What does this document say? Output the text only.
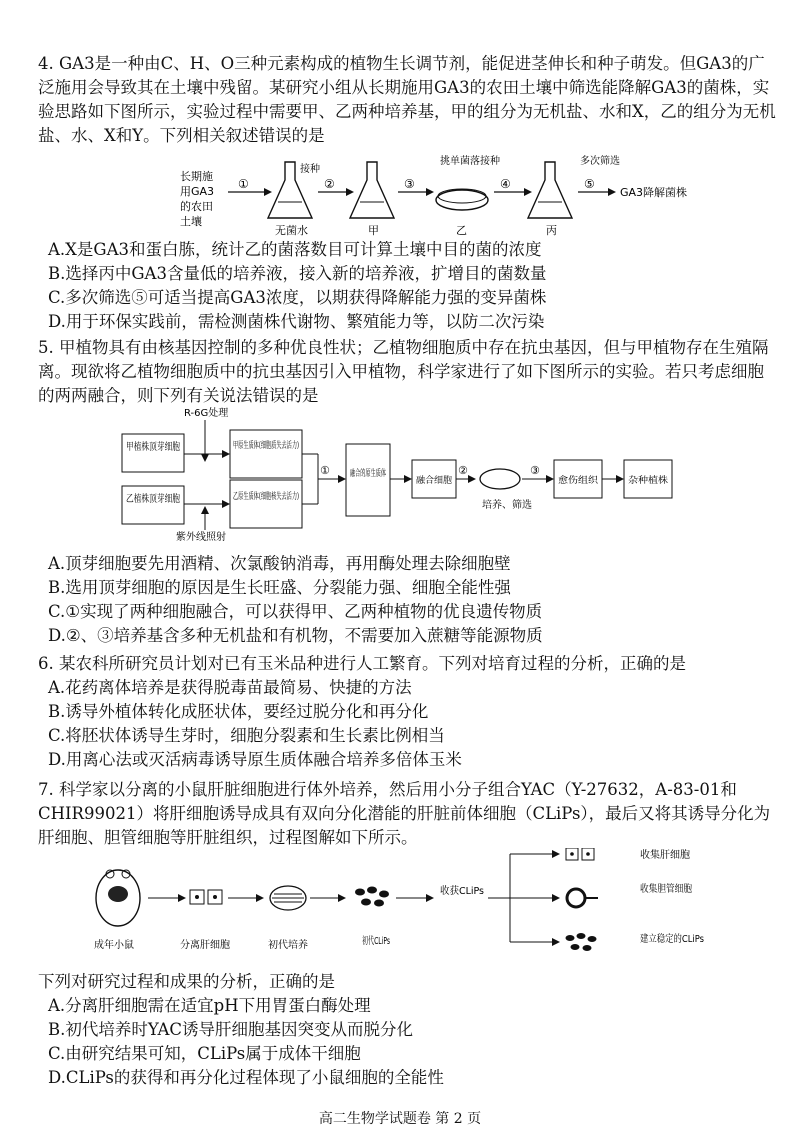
4. GA3是一种由C、H、O三种元素构成的植物生长调节剂，能促进茎伸长和种子萌发。但GA3的广泛施用会导致其在土壤中残留。某研究小组从长期施用GA3的农田土壤中筛选能降解GA3的菌株，实验思路如下图所示，实验过程中需要甲、乙两种培养基，甲的组分为无机盐、水和X，乙的组分为无机盐、水、X和Y。下列相关叙述错误的是

长期施
用GA3
的农田
土壤
①
无菌水
接种
②
甲
③
乙
挑单菌落接种
④
丙
多次筛选
⑤
GA3降解菌株

A.X是GA3和蛋白胨，统计乙的菌落数目可计算土壤中目的菌的浓度

B.选择丙中GA3含量低的培养液，接入新的培养液，扩增目的菌数量

C.多次筛选⑤可适当提高GA3浓度，以期获得降解能力强的变异菌株

D.用于环保实践前，需检测菌株代谢物、繁殖能力等，以防二次污染

5. 甲植物具有由核基因控制的多种优良性状；乙植物细胞质中存在抗虫基因，但与甲植物存在生殖隔离。现欲将乙植物细胞质中的抗虫基因引入甲植物，科学家进行了如下图所示的实验。若只考虑细胞的两两融合，则下列有关说法错误的是

R-6G处理
甲植株顶芽细胞	甲原生质体(细胞质失去活力)
乙植株顶芽细胞	乙原生质体(细胞核失去活力)
紫外线照射
① 融合的原生质体
融合细胞
②
培养、筛选
③
愈伤组织	杂种植株

A.顶芽细胞要先用酒精、次氯酸钠消毒，再用酶处理去除细胞壁

B.选用顶芽细胞的原因是生长旺盛、分裂能力强、细胞全能性强

C.①实现了两种细胞融合，可以获得甲、乙两种植物的优良遗传物质

D.②、③培养基含多种无机盐和有机物，不需要加入蔗糖等能源物质

6. 某农科所研究员计划对已有玉米品种进行人工繁育。下列对培育过程的分析，正确的是

A.花药离体培养是获得脱毒苗最简易、快捷的方法

B.诱导外植体转化成胚状体，要经过脱分化和再分化

C.将胚状体诱导生芽时，细胞分裂素和生长素比例相当

D.用离心法或灭活病毒诱导原生质体融合培养多倍体玉米

7. 科学家以分离的小鼠肝脏细胞进行体外培养，然后用小分子组合YAC（Y-27632，A-83-01和CHIR99021）将肝细胞诱导成具有双向分化潜能的肝脏前体细胞（CLiPs），最后又将其诱导分化为肝细胞、胆管细胞等肝脏组织，过程图解如下所示。

成年小鼠	分离肝细胞	初代培养	初代CLiPs
收获CLiPs
收集肝细胞
收集胆管细胞
建立稳定的CLiPs

下列对研究过程和成果的分析，正确的是

A.分离肝细胞需在适宜pH下用胃蛋白酶处理

B.初代培养时YAC诱导肝细胞基因突变从而脱分化

C.由研究结果可知，CLiPs属于成体干细胞

D.CLiPs的获得和再分化过程体现了小鼠细胞的全能性

高二生物学试题卷 第 2 页
